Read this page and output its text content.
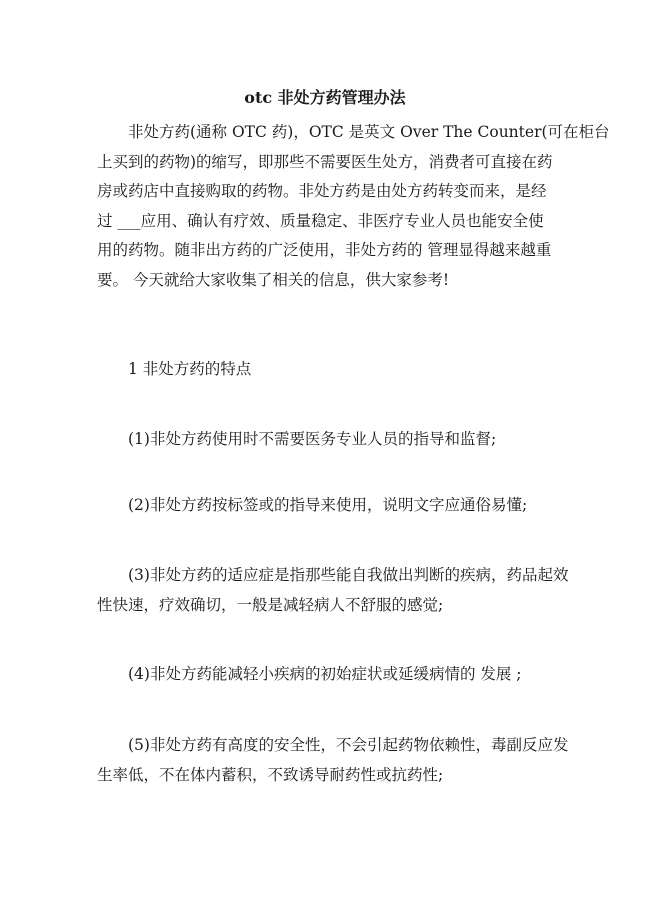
otc 非处方药管理办法
非处方药(通称 OTC 药)，OTC 是英文 Over The Counter(可在柜台
上买到的药物)的缩写，即那些不需要医生处方，消费者可直接在药
房或药店中直接购取的药物。非处方药是由处方药转变而来，是经
过 ___应用、确认有疗效、质量稳定、非医疗专业人员也能安全使
用的药物。随非出方药的广泛使用，非处方药的 管理显得越来越重
要。 今天就给大家收集了相关的信息，供大家参考!
1 非处方药的特点
(1)非处方药使用时不需要医务专业人员的指导和监督;
(2)非处方药按标签或的指导来使用，说明文字应通俗易懂;
(3)非处方药的适应症是指那些能自我做出判断的疾病，药品起效
性快速，疗效确切，一般是减轻病人不舒服的感觉;
(4)非处方药能减轻小疾病的初始症状或延缓病情的 发展 ;
(5)非处方药有高度的安全性，不会引起药物依赖性，毒副反应发
生率低，不在体内蓄积，不致诱导耐药性或抗药性;
